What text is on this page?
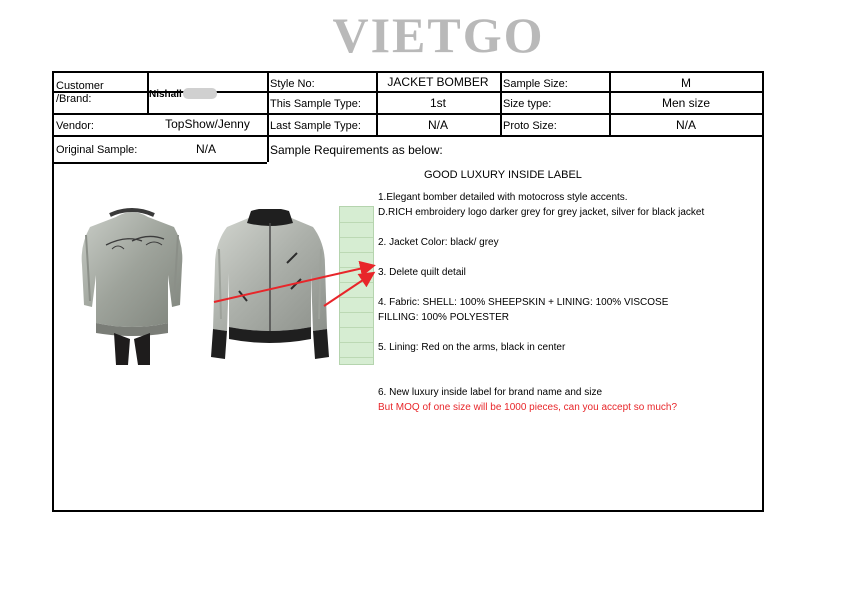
VIETGO
Customer
/Brand:	Nishall
Vendor:	TopShow/Jenny
Original Sample:	N/A
Style No:	JACKET BOMBER
This Sample Type:	1st
Last Sample Type:	N/A
Sample Size:	M
Size type:	Men size
Proto Size:	N/A
Sample Requirements as below:
GOOD LUXURY INSIDE LABEL
1.Elegant bomber detailed with motocross style accents.
D.RICH embroidery logo darker grey for grey jacket, silver for black jacket
2. Jacket Color: black/ grey
3. Delete quilt detail
4. Fabric: SHELL: 100% SHEEPSKIN + LINING: 100% VISCOSE
FILLING: 100% POLYESTER
5. Lining: Red on the arms, black in center
6. New luxury inside label for brand name and size
But MOQ of one size will be 1000 pieces, can you accept so much?
